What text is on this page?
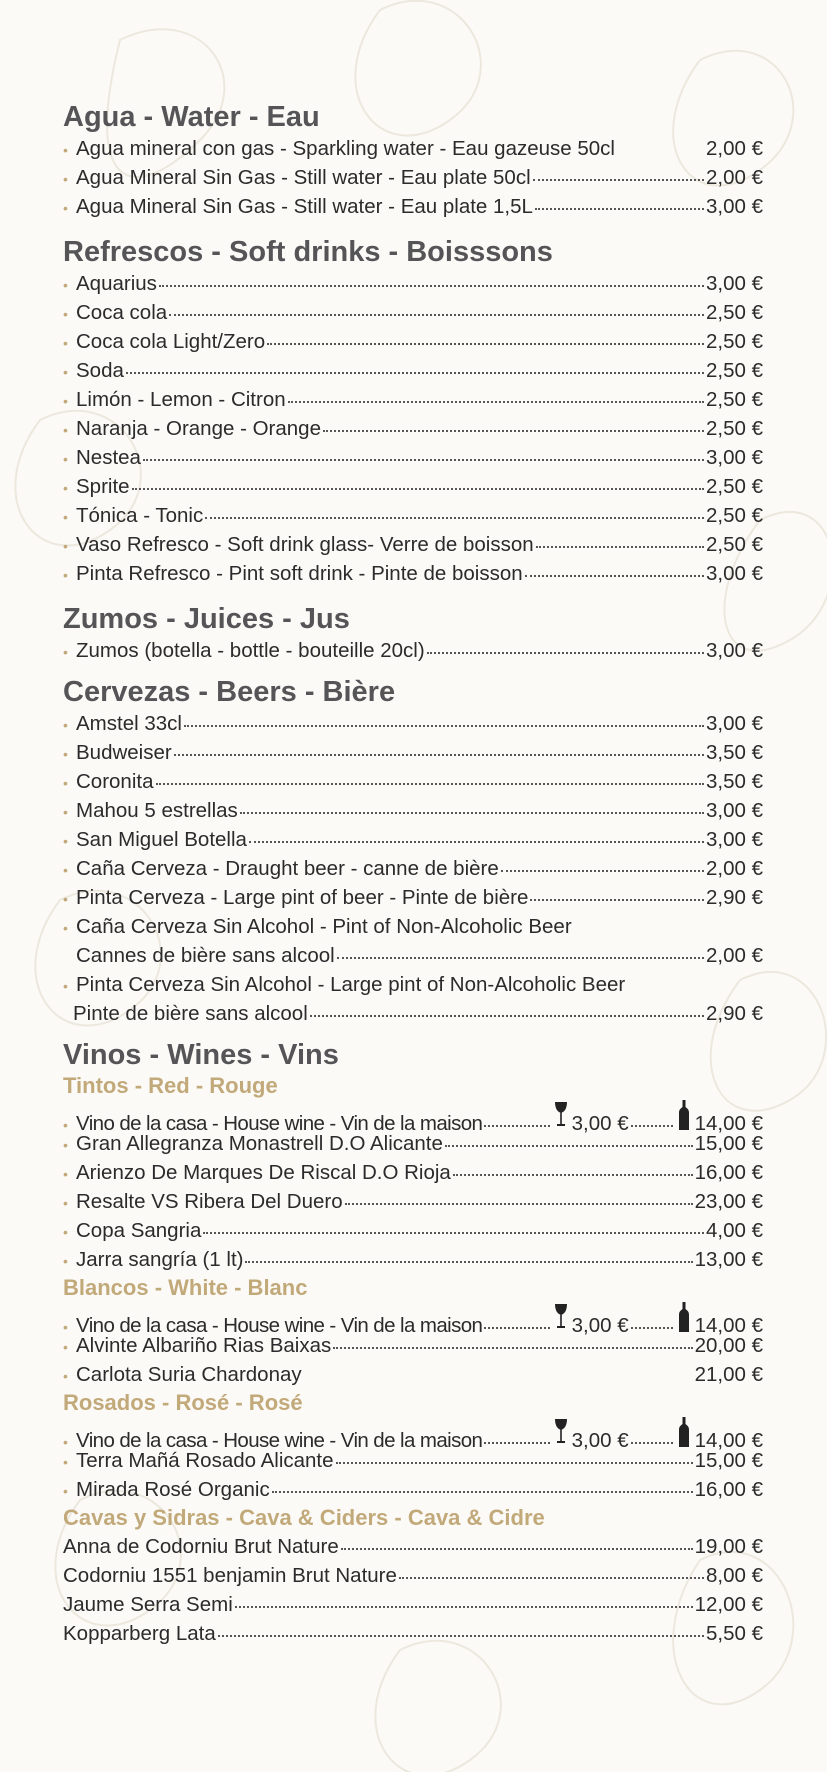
Agua - Water - Eau
• Agua mineral con gas - Sparkling water - Eau gazeuse 50cl	2,00 €
• Agua Mineral Sin Gas - Still water - Eau plate 50cl	2,00 €
• Agua Mineral Sin Gas - Still water - Eau plate 1,5L	3,00 €
Refrescos - Soft drinks - Boisssons
• Aquarius	3,00 €
• Coca cola	2,50 €
• Coca cola Light/Zero	2,50 €
• Soda	2,50 €
• Limón - Lemon - Citron	2,50 €
• Naranja - Orange - Orange	2,50 €
• Nestea	3,00 €
• Sprite	2,50 €
• Tónica - Tonic	2,50 €
• Vaso Refresco - Soft drink glass- Verre de boisson	2,50 €
• Pinta Refresco - Pint soft drink - Pinte de boisson	3,00 €
Zumos - Juices - Jus
• Zumos (botella - bottle - bouteille 20cl)	3,00 €
Cervezas - Beers - Bière
• Amstel 33cl	3,00 €
• Budweiser	3,50 €
• Coronita	3,50 €
• Mahou 5 estrellas	3,00 €
• San Miguel Botella	3,00 €
• Caña Cerveza - Draught beer - canne de bière	2,00 €
• Pinta Cerveza - Large pint of beer - Pinte de bière	2,90 €
• Caña Cerveza Sin Alcohol - Pint of Non-Alcoholic Beer
Cannes de bière sans alcool	2,00 €
• Pinta Cerveza Sin Alcohol - Large pint of Non-Alcoholic Beer
Pinte de bière sans alcool	2,90 €
Vinos - Wines - Vins
Tintos - Red - Rouge
• Vino de la casa - House wine - Vin de la maison	3,00 €	14,00 €
• Gran Allegranza Monastrell D.O Alicante	15,00 €
• Arienzo De Marques De Riscal D.O Rioja	16,00 €
• Resalte VS Ribera Del Duero	23,00 €
• Copa Sangria	4,00 €
• Jarra sangría (1 lt)	13,00 €
Blancos - White - Blanc
• Vino de la casa - House wine - Vin de la maison	3,00 €	14,00 €
• Alvinte Albariño Rias Baixas	20,00 €
• Carlota Suria Chardonay	21,00 €
Rosados - Rosé - Rosé
• Vino de la casa - House wine - Vin de la maison	3,00 €	14,00 €
• Terra Mañá Rosado Alicante	15,00 €
• Mirada Rosé Organic	16,00 €
Cavas y Sidras - Cava & Ciders - Cava & Cidre
Anna de Codorniu Brut Nature	19,00 €
Codorniu 1551 benjamin Brut Nature	8,00 €
Jaume Serra Semi	12,00 €
Kopparberg Lata	5,50 €
